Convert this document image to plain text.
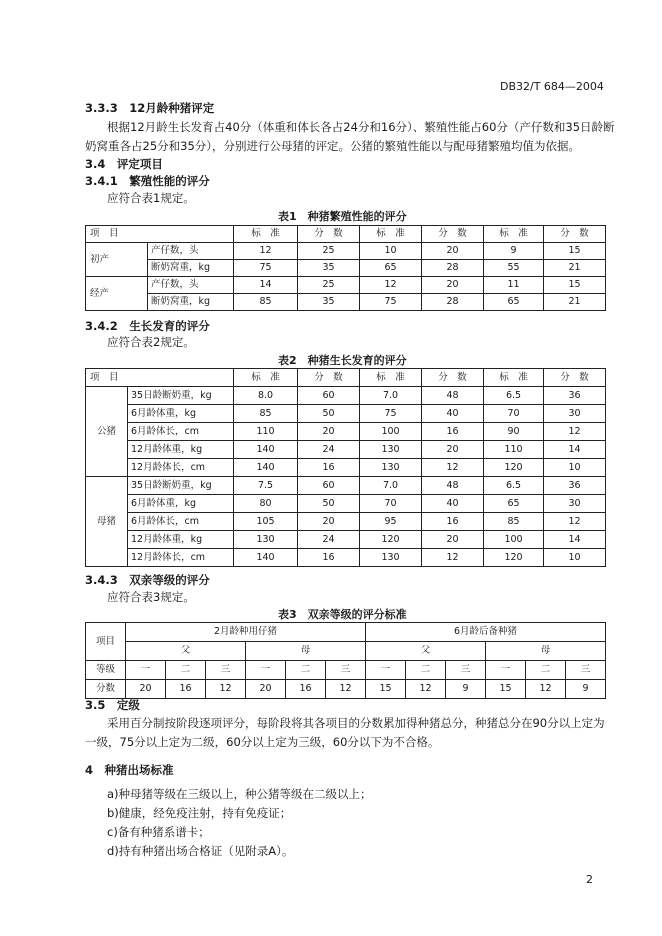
DB32/T 684—2004
3.3.3　12月龄种猪评定
根据12月龄生长发育占40分（体重和体长各占24分和16分）、繁殖性能占60分（产仔数和35日龄断
奶窝重各占25分和35分），分别进行公母猪的评定。公猪的繁殖性能以与配母猪繁殖均值为依据。
3.4　评定项目
3.4.1　繁殖性能的评分
应符合表1规定。
表1　种猪繁殖性能的评分
项　目		标　准	分　数	标　准	分　数	标　准	分　数
初产	产仔数，头	12	25	10	20	9	15
	断奶窝重，kg	75	35	65	28	55	21
经产	产仔数，头	14	25	12	20	11	15
	断奶窝重，kg	85	35	75	28	65	21
3.4.2　生长发育的评分
应符合表2规定。
表2　种猪生长发育的评分
项　目		标　准	分　数	标　准	分　数	标　准	分　数
公猪	35日龄断奶重，kg	8.0	60	7.0	48	6.5	36
	6月龄体重，kg	85	50	75	40	70	30
	6月龄体长，cm	110	20	100	16	90	12
	12月龄体重，kg	140	24	130	20	110	14
	12月龄体长，cm	140	16	130	12	120	10
母猪	35日龄断奶重，kg	7.5	60	7.0	48	6.5	36
	6月龄体重，kg	80	50	70	40	65	30
	6月龄体长，cm	105	20	95	16	85	12
	12月龄体重，kg	130	24	120	20	100	14
	12月龄体长，cm	140	16	130	12	120	10
3.4.3　双亲等级的评分
应符合表3规定。
表3　双亲等级的评分标准
项目	2月龄种用仔猪						6月龄后备种猪					
	父			母			父			母		
等级	一	二	三	一	二	三	一	二	三	一	二	三
分数	20	16	12	20	16	12	15	12	9	15	12	9
3.5　定级
采用百分制按阶段逐项评分，每阶段将其各项目的分数累加得种猪总分，种猪总分在90分以上定为
一级，75分以上定为二级，60分以上定为三级，60分以下为不合格。
4　种猪出场标准
a)种母猪等级在三级以上，种公猪等级在二级以上；
b)健康，经免疫注射，持有免疫证；
c)备有种猪系谱卡；
d)持有种猪出场合格证（见附录A）。
2
